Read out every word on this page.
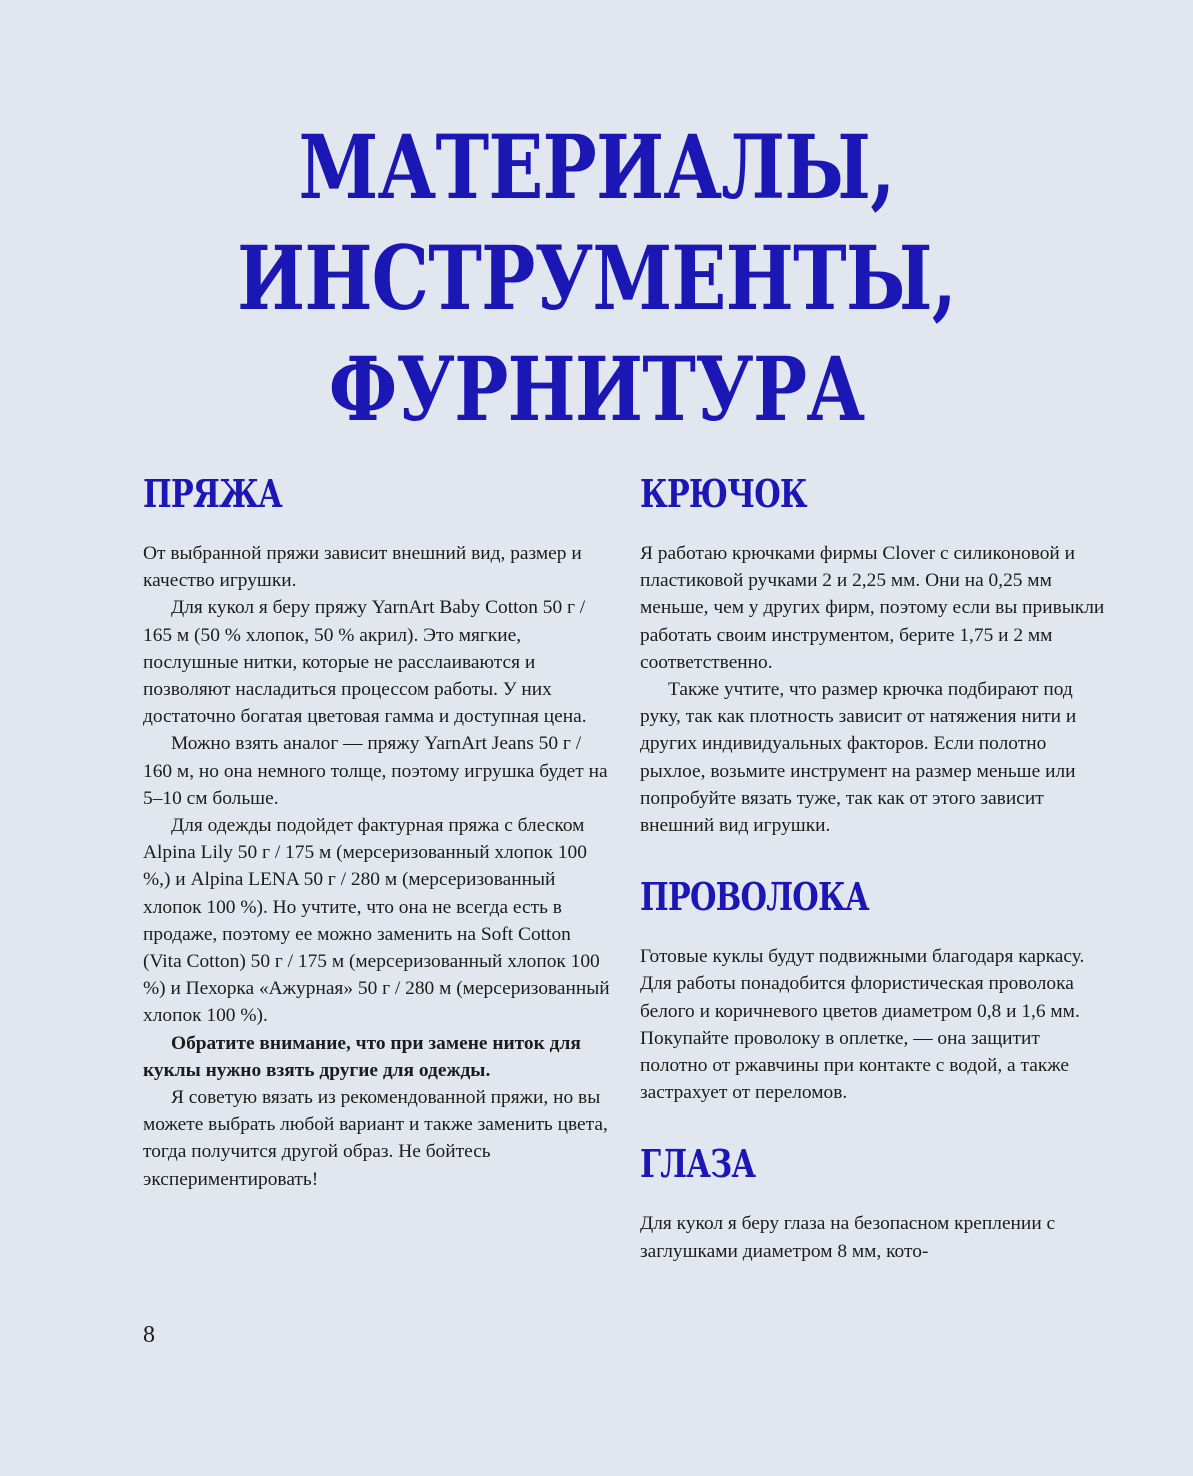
МАТЕРИАЛЫ,
ИНСТРУМЕНТЫ,
ФУРНИТУРА
ПРЯЖА

От выбранной пряжи зависит внешний вид, размер и качество игрушки.

Для кукол я беру пряжу YarnArt Baby Cotton 50 г / 165 м (50 % хлопок, 50 % акрил). Это мягкие, послушные нитки, которые не расслаиваются и позволяют насладиться процессом работы. У них достаточно богатая цветовая гамма и доступная цена.

Можно взять аналог — пряжу YarnArt Jeans 50 г / 160 м, но она немного толще, поэтому игрушка будет на 5–10 см больше.

Для одежды подойдет фактурная пряжа с блеском Alpina Lily 50 г / 175 м (мерсеризованный хлопок 100 %,) и Alpina LENA 50 г / 280 м (мерсеризованный хлопок 100 %). Но учтите, что она не всегда есть в продаже, поэтому ее можно заменить на Soft Cotton (Vita Cotton) 50 г / 175 м (мерсеризованный хлопок 100 %) и Пехорка «Ажурная» 50 г / 280 м (мерсеризованный хлопок 100 %).

Обратите внимание, что при замене ниток для куклы нужно взять другие для одежды.

Я советую вязать из рекомендованной пряжи, но вы можете выбрать любой вариант и также заменить цвета, тогда получится другой образ. Не бойтесь экспериментировать!

КРЮЧОК

Я работаю крючками фирмы Clover с силиконовой и пластиковой ручками 2 и 2,25 мм. Они на 0,25 мм меньше, чем у других фирм, поэтому если вы привыкли работать своим инструментом, берите 1,75 и 2 мм соответственно.

Также учтите, что размер крючка подбирают под руку, так как плотность зависит от натяжения нити и других индивидуальных факторов. Если полотно рыхлое, возьмите инструмент на размер меньше или попробуйте вязать туже, так как от этого зависит внешний вид игрушки.

ПРОВОЛОКА

Готовые куклы будут подвижными благодаря каркасу. Для работы понадобится флористическая проволока белого и коричневого цветов диаметром 0,8 и 1,6 мм. Покупайте проволоку в оплетке, — она защитит полотно от ржавчины при контакте с водой, а также застрахует от переломов.

ГЛАЗА

Для кукол я беру глаза на безопасном креплении с заглушками диаметром 8 мм, кото-

8
